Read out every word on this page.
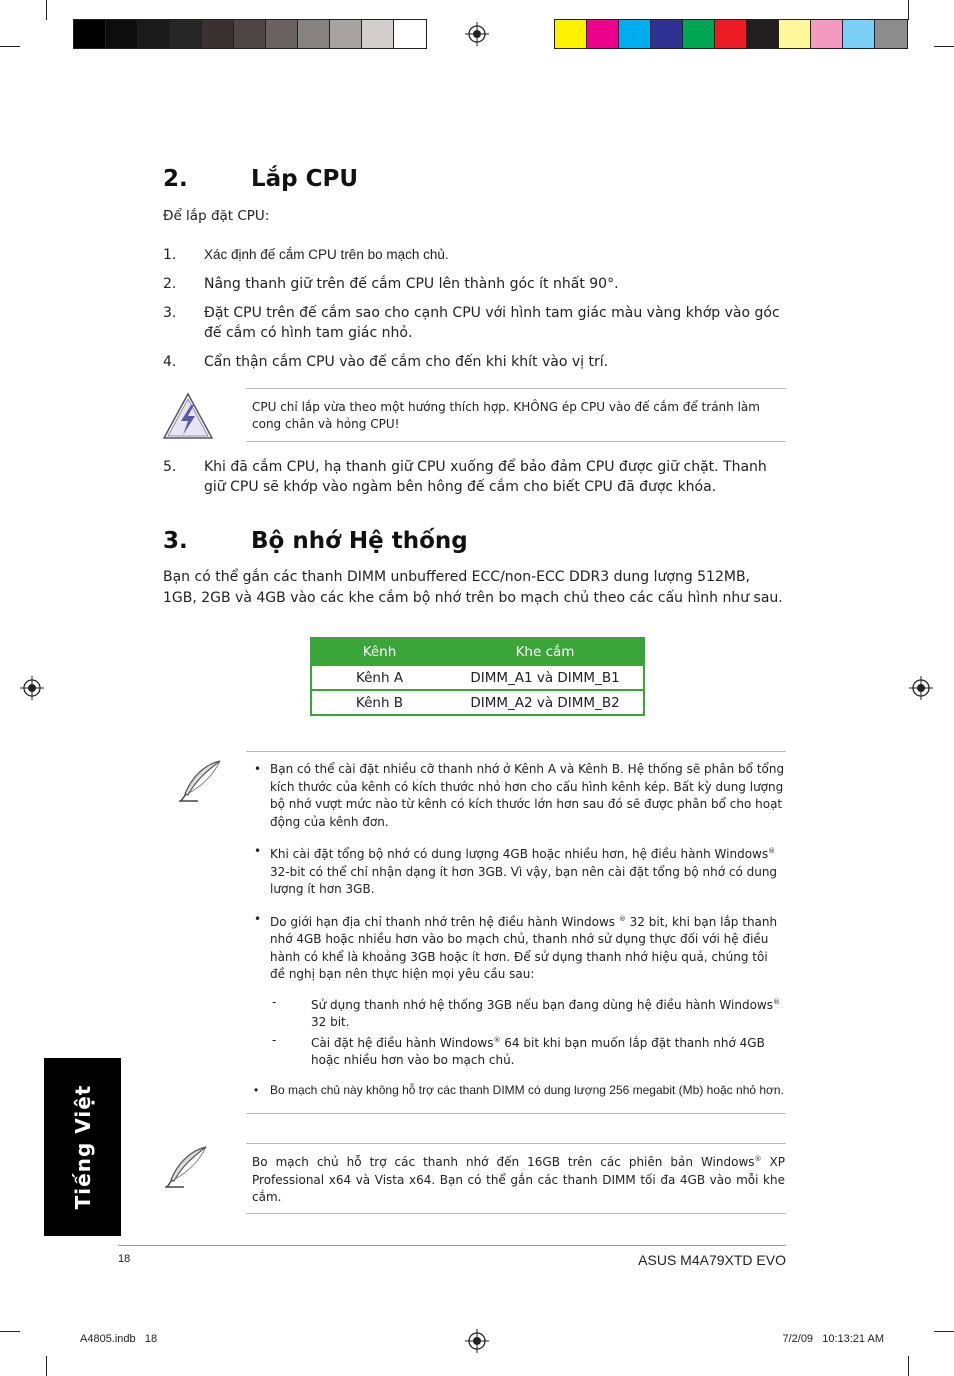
2.	Lắp CPU
Để lắp đặt CPU:
1. Xác định đế cắm CPU trên bo mạch chủ.
2. Nâng thanh giữ trên đế cắm CPU lên thành góc ít nhất 90°.
3. Đặt CPU trên đế cắm sao cho cạnh CPU với hình tam giác màu vàng khớp vào góc đế cắm có hình tam giác nhỏ.
4. Cẩn thận cắm CPU vào đế cắm cho đến khi khít vào vị trí.
CPU chỉ lắp vừa theo một hướng thích hợp. KHÔNG ép CPU vào đế cắm để tránh làm cong chân và hỏng CPU!
5. Khi đã cắm CPU, hạ thanh giữ CPU xuống để bảo đảm CPU được giữ chặt. Thanh giữ CPU sẽ khớp vào ngàm bên hông đế cắm cho biết CPU đã được khóa.
3.	Bộ nhớ Hệ thống
Bạn có thể gắn các thanh DIMM unbuffered ECC/non-ECC DDR3 dung lượng 512MB, 1GB, 2GB và 4GB vào các khe cắm bộ nhớ trên bo mạch chủ theo các cấu hình như sau.
Kênh	Khe cắm
Kênh A	DIMM_A1 và DIMM_B1
Kênh B	DIMM_A2 và DIMM_B2
• Bạn có thể cài đặt nhiều cỡ thanh nhớ ở Kênh A và Kênh B. Hệ thống sẽ phân bổ tổng kích thước của kênh có kích thước nhỏ hơn cho cấu hình kênh kép. Bất kỳ dung lượng bộ nhớ vượt mức nào từ kênh có kích thước lớn hơn sau đó sẽ được phân bổ cho hoạt động của kênh đơn.
• Khi cài đặt tổng bộ nhớ có dung lượng 4GB hoặc nhiều hơn, hệ điều hành Windows® 32-bit có thể chỉ nhận dạng ít hơn 3GB. Vì vậy, bạn nên cài đặt tổng bộ nhớ có dung lượng ít hơn 3GB.
• Do giới hạn địa chỉ thanh nhớ trên hệ điều hành Windows ® 32 bit, khi bạn lắp thanh nhớ 4GB hoặc nhiều hơn vào bo mạch chủ, thanh nhớ sử dụng thực đối với hệ điều hành có khể là khoảng 3GB hoặc ít hơn. Để sử dụng thanh nhớ hiệu quả, chúng tôi đề nghị bạn nên thực hiện mọi yêu cầu sau:
-	Sử dụng thanh nhớ hệ thống 3GB nếu bạn đang dùng hệ điều hành Windows® 32 bit.
-	Cài đặt hệ điều hành Windows® 64 bit khi bạn muốn lắp đặt thanh nhớ 4GB hoặc nhiều hơn vào bo mạch chủ.
• Bo mạch chủ này không hỗ trợ các thanh DIMM có dung lượng 256 megabit (Mb) hoặc nhỏ hơn.
Bo mạch chủ hỗ trợ các thanh nhớ đến 16GB trên các phiên bản Windows® XP Professional x64 và Vista x64. Bạn có thể gắn các thanh DIMM tối đa 4GB vào mỗi khe cắm.
Tiếng Việt
18	ASUS M4A79XTD EVO
A4805.indb   18	7/2/09   10:13:21 AM
